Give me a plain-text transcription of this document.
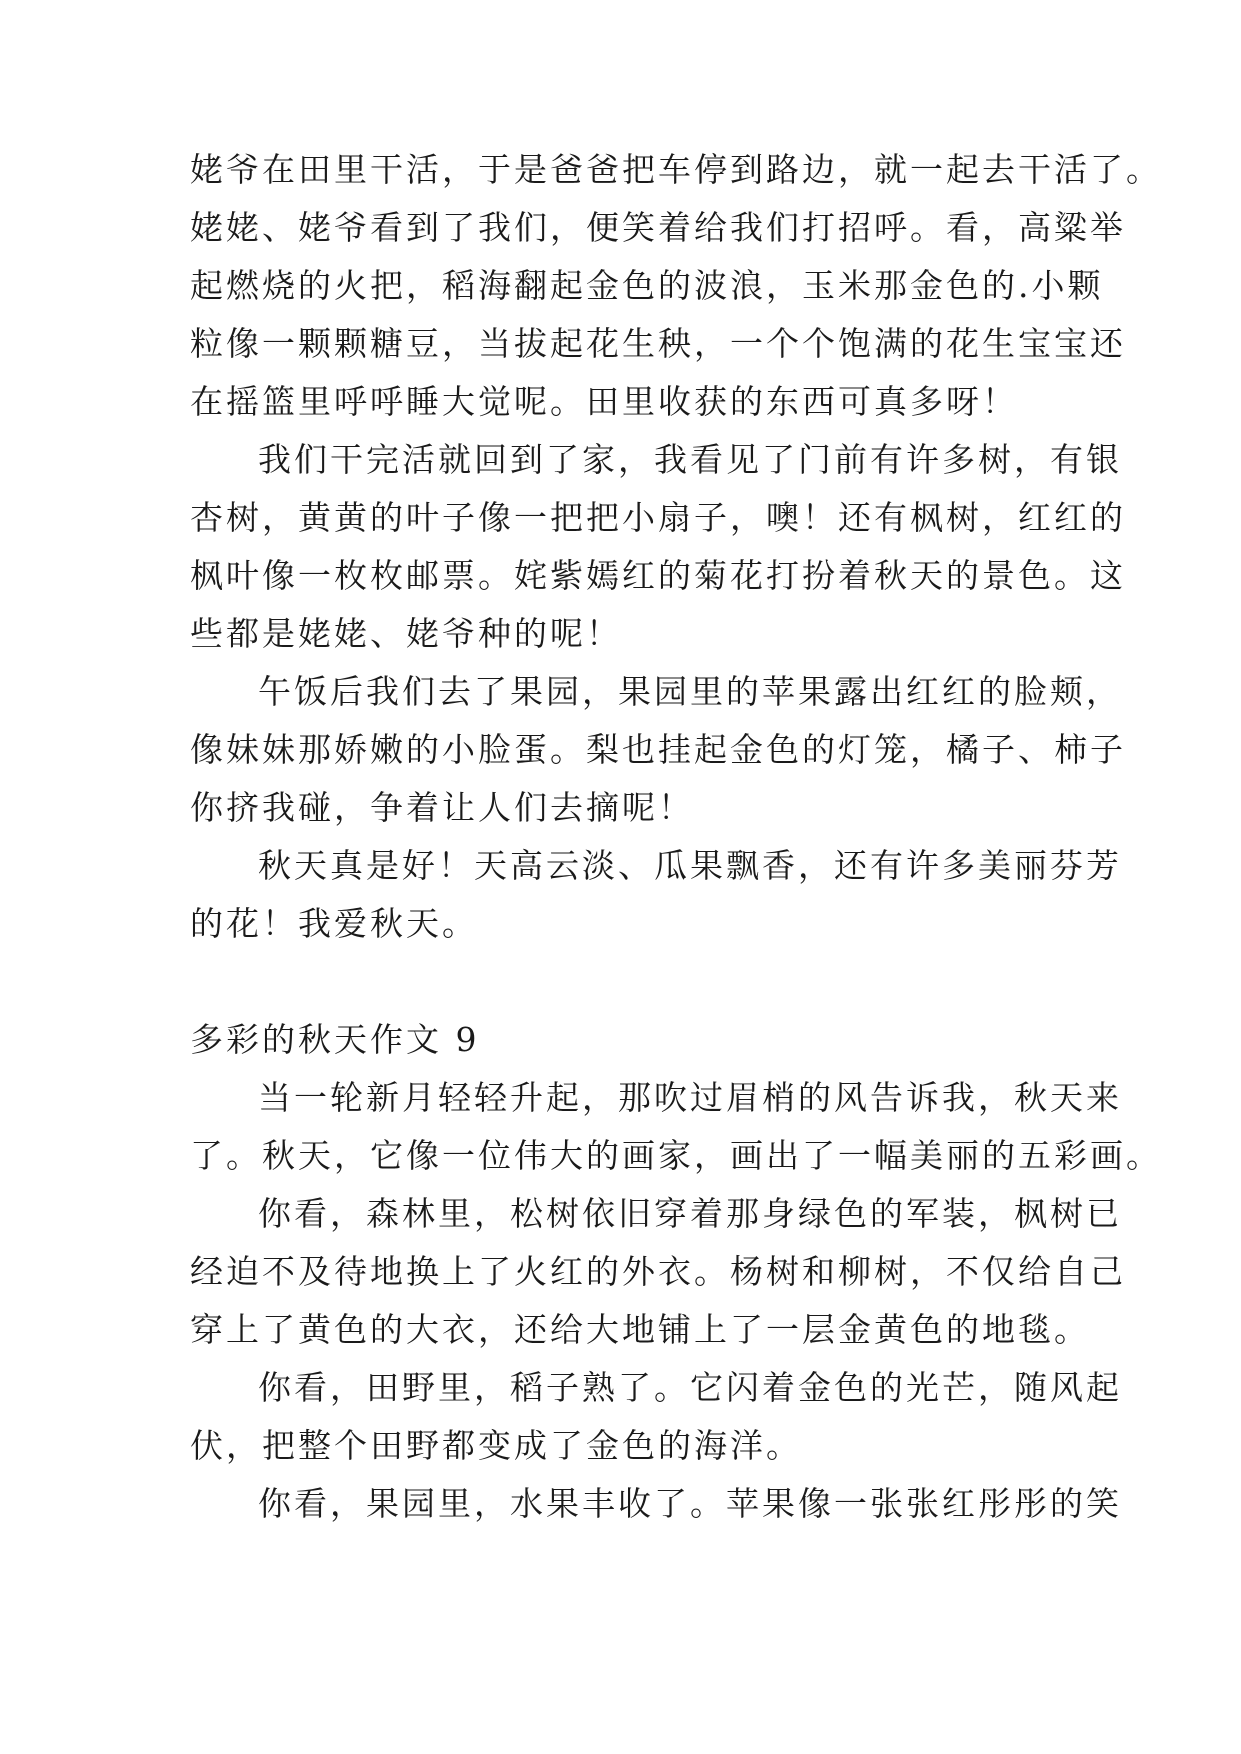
姥爷在田里干活，于是爸爸把车停到路边，就一起去干活了。
姥姥、姥爷看到了我们，便笑着给我们打招呼。看，高粱举
起燃烧的火把，稻海翻起金色的波浪，玉米那金色的.小颗
粒像一颗颗糖豆，当拔起花生秧，一个个饱满的花生宝宝还
在摇篮里呼呼睡大觉呢。田里收获的东西可真多呀！
我们干完活就回到了家，我看见了门前有许多树，有银
杏树，黄黄的叶子像一把把小扇子，噢！还有枫树，红红的
枫叶像一枚枚邮票。姹紫嫣红的菊花打扮着秋天的景色。这
些都是姥姥、姥爷种的呢！
午饭后我们去了果园，果园里的苹果露出红红的脸颊，
像妹妹那娇嫩的小脸蛋。梨也挂起金色的灯笼，橘子、柿子
你挤我碰，争着让人们去摘呢！
秋天真是好！天高云淡、瓜果飘香，还有许多美丽芬芳
的花！我爱秋天。
多彩的秋天作文 9
当一轮新月轻轻升起，那吹过眉梢的风告诉我，秋天来
了。秋天，它像一位伟大的画家，画出了一幅美丽的五彩画。
你看，森林里，松树依旧穿着那身绿色的军装，枫树已
经迫不及待地换上了火红的外衣。杨树和柳树，不仅给自己
穿上了黄色的大衣，还给大地铺上了一层金黄色的地毯。
你看，田野里，稻子熟了。它闪着金色的光芒，随风起
伏，把整个田野都变成了金色的海洋。
你看，果园里，水果丰收了。苹果像一张张红彤彤的笑
